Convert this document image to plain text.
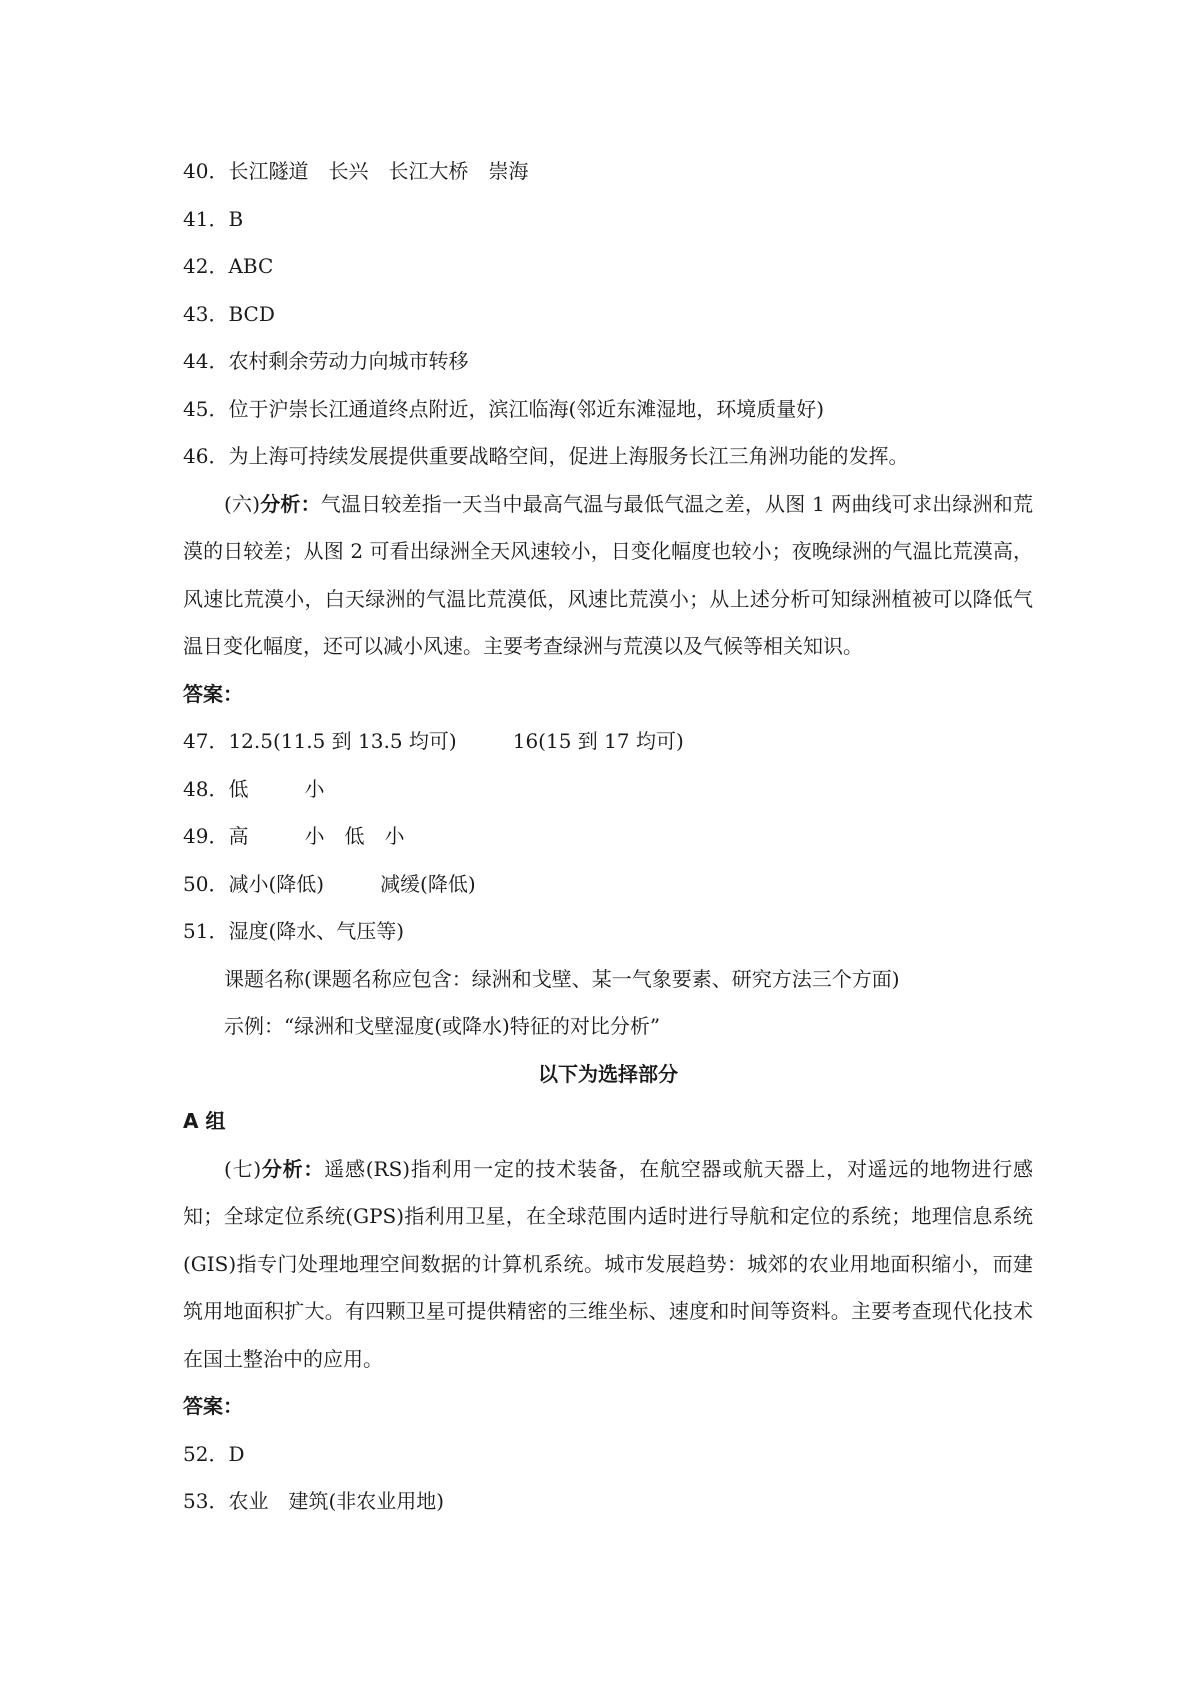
40．长江隧道　长兴　长江大桥　崇海
41．B
42．ABC
43．BCD
44．农村剩余劳动力向城市转移
45．位于沪崇长江通道终点附近，滨江临海(邻近东滩湿地，环境质量好)
46．为上海可持续发展提供重要战略空间，促进上海服务长江三角洲功能的发挥。

(六)分析：气温日较差指一天当中最高气温与最低气温之差，从图 1 两曲线可求出绿洲和荒漠的日较差；从图 2 可看出绿洲全天风速较小，日变化幅度也较小；夜晚绿洲的气温比荒漠高，风速比荒漠小，白天绿洲的气温比荒漠低，风速比荒漠小；从上述分析可知绿洲植被可以降低气温日变化幅度，还可以减小风速。主要考查绿洲与荒漠以及气候等相关知识。

答案：
47．12.5(11.5 到 13.5 均可)	16(15 到 17 均可)
48．低	小
49．高	小　低　小
50．减小(降低)	减缓(降低)
51．湿度(降水、气压等)
课题名称(课题名称应包含：绿洲和戈壁、某一气象要素、研究方法三个方面)
示例：“绿洲和戈壁湿度(或降水)特征的对比分析”
以下为选择部分
A 组

(七)分析：遥感(RS)指利用一定的技术装备，在航空器或航天器上，对遥远的地物进行感知；全球定位系统(GPS)指利用卫星，在全球范围内适时进行导航和定位的系统；地理信息系统(GIS)指专门处理地理空间数据的计算机系统。城市发展趋势：城郊的农业用地面积缩小，而建筑用地面积扩大。有四颗卫星可提供精密的三维坐标、速度和时间等资料。主要考查现代化技术在国土整治中的应用。

答案：
52．D
53．农业　建筑(非农业用地)
